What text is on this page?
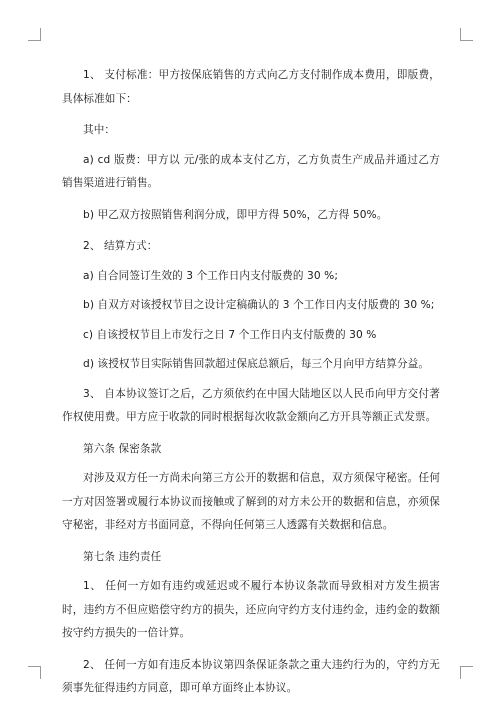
1、 支付标准：甲方按保底销售的方式向乙方支付制作成本费用，即版费，具体标准如下：

其中：

a) cd 版费：甲方以 元/张的成本支付乙方，乙方负责生产成品并通过乙方销售渠道进行销售。

b) 甲乙双方按照销售利润分成，即甲方得 50%，乙方得 50%。

2、 结算方式：

a) 自合同签订生效的 3 个工作日内支付版费的 30 %;

b) 自双方对该授权节目之设计定稿确认的 3 个工作日内支付版费的 30 %;

c) 自该授权节目上市发行之日 7 个工作日内支付版费的 30 %

d) 该授权节目实际销售回款超过保底总额后，每三个月向甲方结算分益。

3、 自本协议签订之后，乙方须依约在中国大陆地区以人民币向甲方交付著作权使用费。甲方应于收款的同时根据每次收款金额向乙方开具等额正式发票。

第六条 保密条款

对涉及双方任一方尚未向第三方公开的数据和信息，双方须保守秘密。任何一方对因签署或履行本协议而接触或了解到的对方未公开的数据和信息，亦须保守秘密，非经对方书面同意，不得向任何第三人透露有关数据和信息。

第七条 违约责任

1、 任何一方如有违约或延迟或不履行本协议条款而导致相对方发生损害时，违约方不但应赔偿守约方的损失，还应向守约方支付违约金，违约金的数额按守约方损失的一倍计算。

2、 任何一方如有违反本协议第四条保证条款之重大违约行为的，守约方无须事先征得违约方同意，即可单方面终止本协议。
